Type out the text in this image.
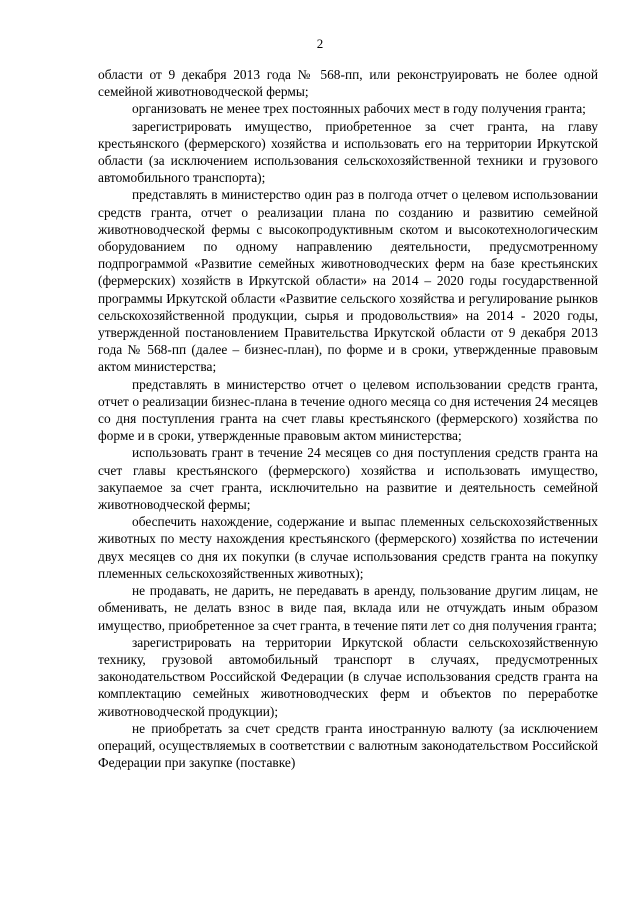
2

области от 9 декабря 2013 года № 568-пп, или реконструировать не более одной семейной животноводческой фермы;

организовать не менее трех постоянных рабочих мест в году получения гранта;

зарегистрировать имущество, приобретенное за счет гранта, на главу крестьянского (фермерского) хозяйства и использовать его на территории Иркутской области (за исключением использования сельскохозяйственной техники и грузового автомобильного транспорта);

представлять в министерство один раз в полгода отчет о целевом использовании средств гранта, отчет о реализации плана по созданию и развитию семейной животноводческой фермы с высокопродуктивным скотом и высокотехнологическим оборудованием по одному направлению деятельности, предусмотренному подпрограммой «Развитие семейных животноводческих ферм на базе крестьянских (фермерских) хозяйств в Иркутской области» на 2014 – 2020 годы государственной программы Иркутской области «Развитие сельского хозяйства и регулирование рынков сельскохозяйственной продукции, сырья и продовольствия» на 2014 - 2020 годы, утвержденной постановлением Правительства Иркутской области от 9 декабря 2013 года № 568-пп (далее – бизнес-план), по форме и в сроки, утвержденные правовым актом министерства;

представлять в министерство отчет о целевом использовании средств гранта, отчет о реализации бизнес-плана в течение одного месяца со дня истечения 24 месяцев со дня поступления гранта на счет главы крестьянского (фермерского) хозяйства по форме и в сроки, утвержденные правовым актом министерства;

использовать грант в течение 24 месяцев со дня поступления средств гранта на счет главы крестьянского (фермерского) хозяйства и использовать имущество, закупаемое за счет гранта, исключительно на развитие и деятельность семейной животноводческой фермы;

обеспечить нахождение, содержание и выпас племенных сельскохозяйственных животных по месту нахождения крестьянского (фермерского) хозяйства по истечении двух месяцев со дня их покупки (в случае использования средств гранта на покупку племенных сельскохозяйственных животных);

не продавать, не дарить, не передавать в аренду, пользование другим лицам, не обменивать, не делать взнос в виде пая, вклада или не отчуждать иным образом имущество, приобретенное за счет гранта, в течение пяти лет со дня получения гранта;

зарегистрировать на территории Иркутской области сельскохозяйственную технику, грузовой автомобильный транспорт в случаях, предусмотренных законодательством Российской Федерации (в случае использования средств гранта на комплектацию семейных животноводческих ферм и объектов по переработке животноводческой продукции);

не приобретать за счет средств гранта иностранную валюту (за исключением операций, осуществляемых в соответствии с валютным законодательством Российской Федерации при закупке (поставке)
